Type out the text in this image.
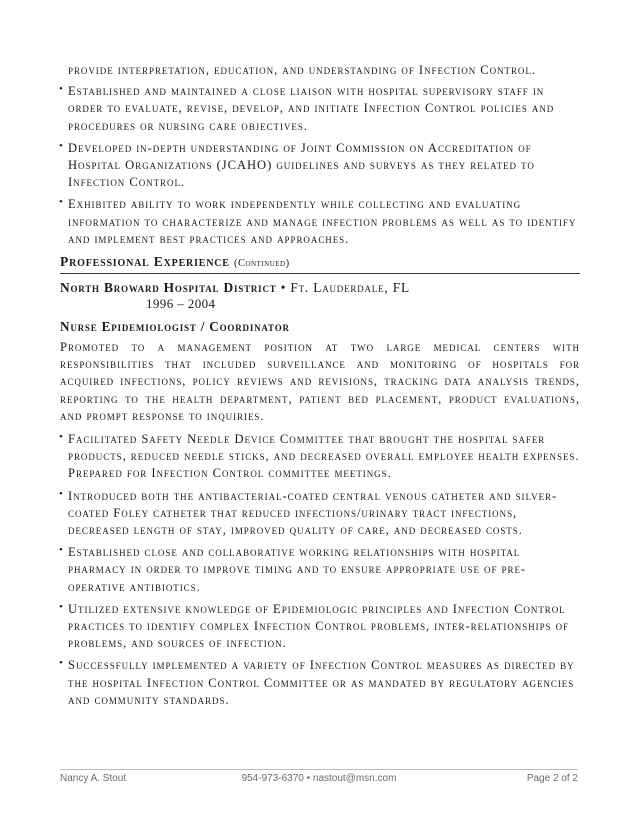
provide interpretation, education, and understanding of Infection Control.

• Established and maintained a close liaison with hospital supervisory staff in order to evaluate, revise, develop, and initiate Infection Control policies and procedures or nursing care objectives.
• Developed in-depth understanding of Joint Commission on Accreditation of Hospital Organizations (JCAHO) guidelines and surveys as they related to Infection Control.
• Exhibited ability to work independently while collecting and evaluating information to characterize and manage infection problems as well as to identify and implement best practices and approaches.
Professional Experience (Continued)
North Broward Hospital District • Ft. Lauderdale, FL
1996 – 2004
Nurse Epidemiologist / Coordinator

Promoted to a management position at two large medical centers with responsibilities that included surveillance and monitoring of hospitals for acquired infections, policy reviews and revisions, tracking data analysis trends, reporting to the health department, patient bed placement, product evaluations, and prompt response to inquiries.

• Facilitated Safety Needle Device Committee that brought the hospital safer products, reduced needle sticks, and decreased overall employee health expenses. Prepared for Infection Control committee meetings.
• Introduced both the antibacterial-coated central venous catheter and silver-coated Foley catheter that reduced infections/urinary tract infections, decreased length of stay, improved quality of care, and decreased costs.
• Established close and collaborative working relationships with hospital pharmacy in order to improve timing and to ensure appropriate use of pre-operative antibiotics.
• Utilized extensive knowledge of Epidemiologic principles and Infection Control practices to identify complex Infection Control problems, inter-relationships of problems, and sources of infection.
• Successfully implemented a variety of Infection Control measures as directed by the hospital Infection Control Committee or as mandated by regulatory agencies and community standards.
Nancy A. Stout	954-973-6370 • nastout@msn.com	Page 2 of 2
